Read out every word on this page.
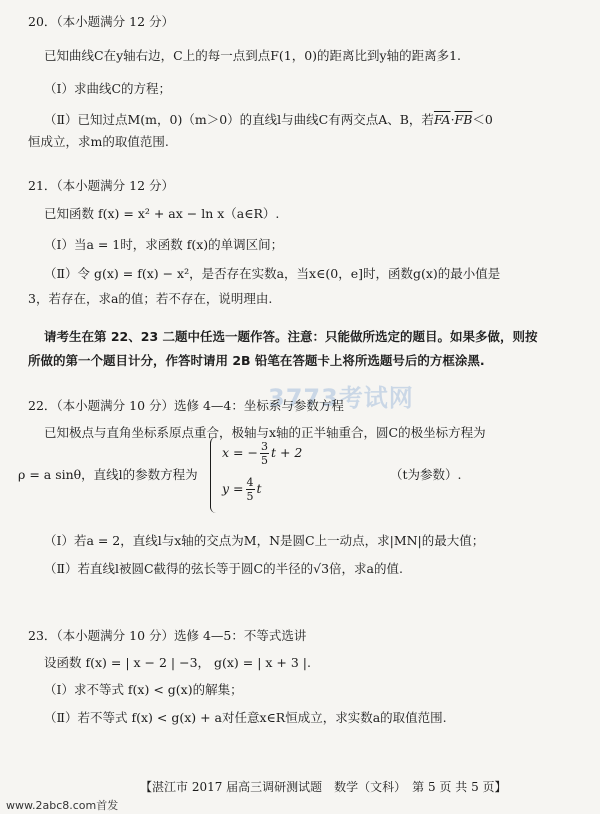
20．（本小题满分 12 分）
已知曲线C在y轴右边，C上的每一点到点F(1，0)的距离比到y轴的距离多1.
（Ⅰ）求曲线C的方程；
（Ⅱ）已知过点M(m，0)（m＞0）的直线l与曲线C有两交点A、B，若$\overline{FA}\cdot\overline{FB}<0$
恒成立，求m的取值范围.
21．（本小题满分 12 分）
已知函数 f(x) = x² + ax − ln x（a∈R）.
（Ⅰ）当a = 1时，求函数 f(x)的单调区间；
（Ⅱ）令 g(x) = f(x) − x²，是否存在实数a，当x∈(0，e]时，函数g(x)的最小值是
3，若存在，求a的值；若不存在，说明理由.
请考生在第 22、23 二题中任选一题作答。注意：只能做所选定的题目。如果多做，则按
所做的第一个题目计分，作答时请用 2B 铅笔在答题卡上将所选题号后的方框涂黑.
3773考试网
22．（本小题满分 10 分）选修 4—4：坐标系与参数方程
已知极点与直角坐标系原点重合，极轴与x轴的正半轴重合，圆C的极坐标方程为
ρ = a sinθ，直线l的参数方程为
x = − $\frac{3}{5}$ t + 2
$y = \frac{4}{5}$ t
（t为参数）.
（Ⅰ）若a = 2，直线l与x轴的交点为M，N是圆C上一动点，求|MN|的最大值；
（Ⅱ）若直线l被圆C截得的弦长等于圆C的半径的√3倍，求a的值.
23．（本小题满分 10 分）选修 4—5：不等式选讲
设函数 f(x) = | x − 2 | −3， g(x) = | x + 3 |.
（Ⅰ）求不等式 f(x) < g(x)的解集；
（Ⅱ）若不等式 f(x) < g(x) + a对任意x∈R恒成立，求实数a的取值范围.
【湛江市 2017 届高三调研测试题　数学（文科）　第 5 页 共 5 页】
www.2abc8.com首发
